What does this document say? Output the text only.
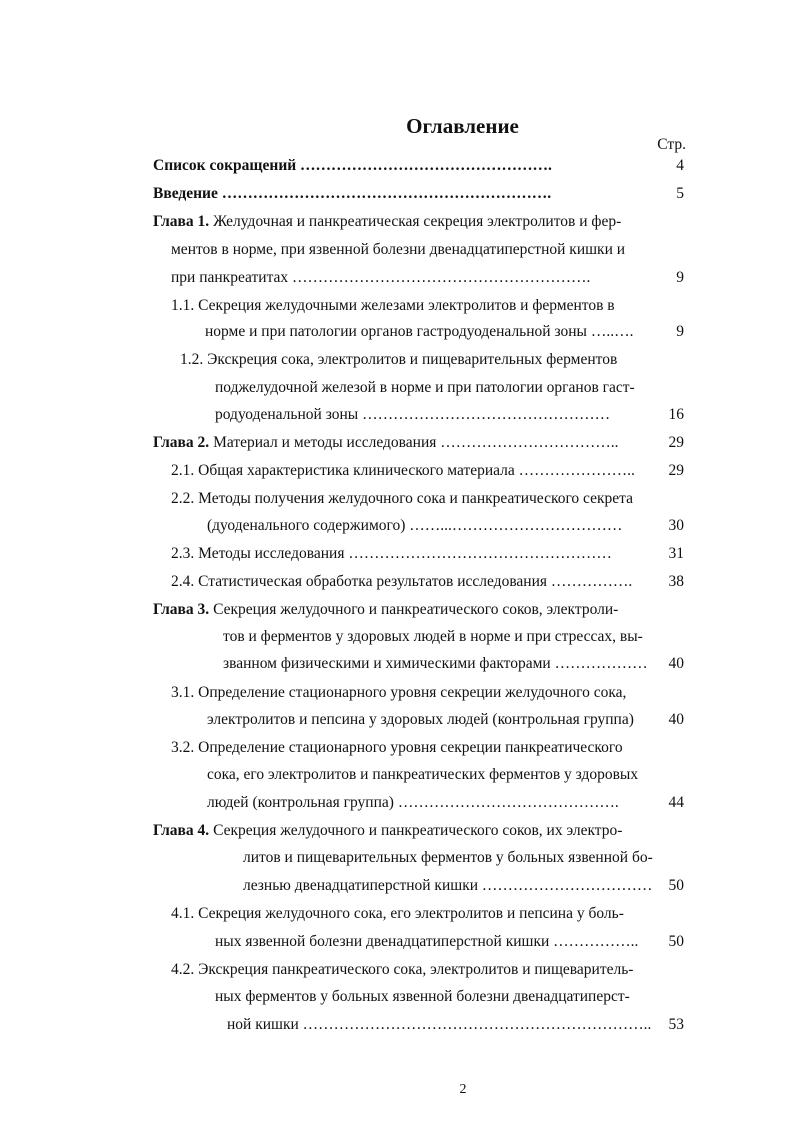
Оглавление
Стр.
Список сокращений ………………………………………….	4
Введение ……………………………………………………….	5
Глава 1. Желудочная и панкреатическая секреция электролитов и фер-
ментов в норме, при язвенной болезни двенадцатиперстной кишки и
при панкреатитах ………………………………………………….	9
1.1. Секреция желудочными железами электролитов и ферментов в
норме и при патологии органов гастродуоденальной зоны …..….	9
1.2. Экскреция сока, электролитов и пищеварительных ферментов
поджелудочной железой в норме и при патологии органов гаст-
родуоденальной зоны …………………………………………	16
Глава 2. Материал и методы исследования ……………………………..	29
2.1. Общая характеристика клинического материала ………………….. 29
2.2. Методы получения желудочного сока и панкреатического секрета
(дуоденального содержимого) ……...……………………………	30
2.3. Методы исследования ……………………………………………	31
2.4. Статистическая обработка результатов исследования ……………. 38
Глава 3. Секреция желудочного и панкреатического соков, электроли-
тов и ферментов у здоровых людей в норме и при стрессах, вы-
званном физическими и химическими факторами ……………… 40
3.1. Определение стационарного уровня секреции желудочного сока,
электролитов и пепсина у здоровых людей (контрольная группа) 40
3.2. Определение стационарного уровня секреции панкреатического
сока, его электролитов и панкреатических ферментов у здоровых
людей (контрольная группа) …………………………………….	44
Глава 4. Секреция желудочного и панкреатического соков, их электро-
литов и пищеварительных ферментов у больных язвенной бо-
лезнью двенадцатиперстной кишки …………………………… 50
4.1. Секреция желудочного сока, его электролитов и пепсина у боль-
ных язвенной болезни двенадцатиперстной кишки …………….. 50
4.2. Экскреция панкреатического сока, электролитов и пищеваритель-
ных ферментов у больных язвенной болезни двенадцатиперст-
ной кишки ………………………………………………………….. 53
2
